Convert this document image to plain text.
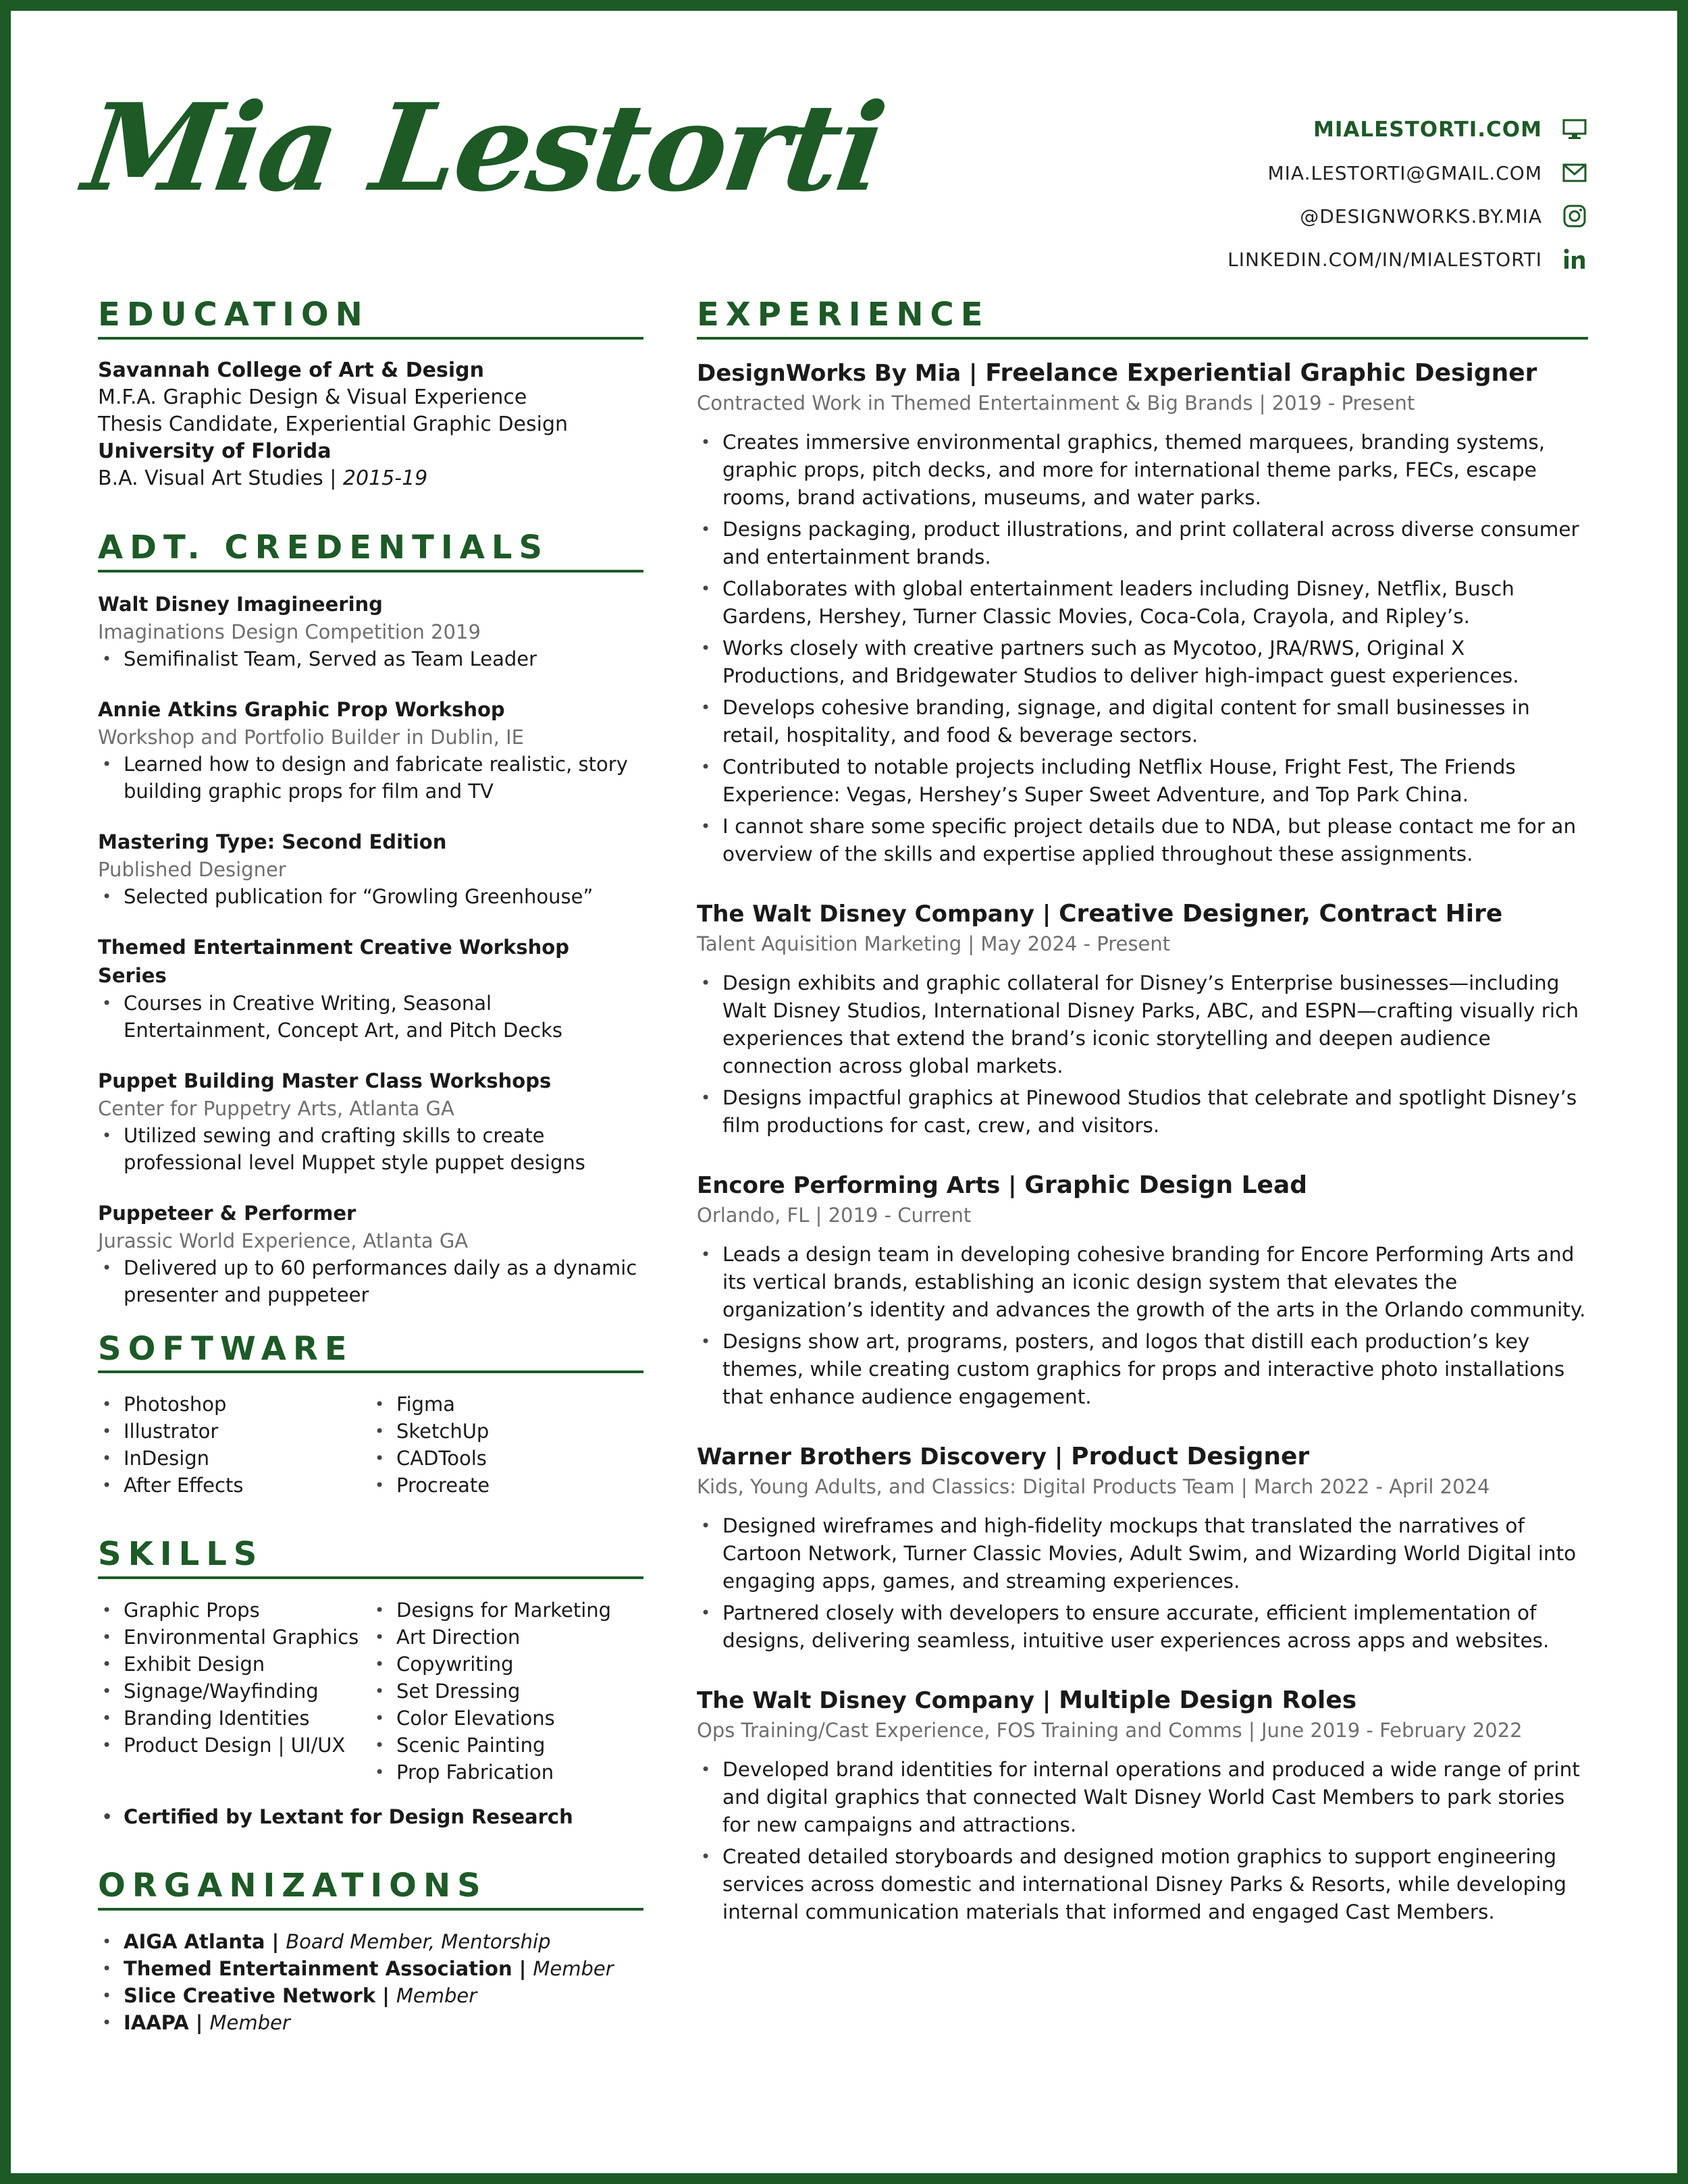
Mia Lestorti	MIALESTORTI.COM
MIA.LESTORTI@GMAIL.COM
@DESIGNWORKS.BY.MIA
LINKEDIN.COM/IN/MIALESTORTI
EDUCATION
Savannah College of Art & Design
M.F.A. Graphic Design & Visual Experience
Thesis Candidate, Experiential Graphic Design
University of Florida
B.A. Visual Art Studies | 2015-19
ADT. CREDENTIALS
Walt Disney Imagineering
Imaginations Design Competition 2019
• Semifinalist Team, Served as Team Leader
Annie Atkins Graphic Prop Workshop
Workshop and Portfolio Builder in Dublin, IE
• Learned how to design and fabricate realistic, story building graphic props for film and TV
Mastering Type: Second Edition
Published Designer
• Selected publication for “Growling Greenhouse”
Themed Entertainment Creative Workshop Series
• Courses in Creative Writing, Seasonal Entertainment, Concept Art, and Pitch Decks
Puppet Building Master Class Workshops
Center for Puppetry Arts, Atlanta GA
• Utilized sewing and crafting skills to create professional level Muppet style puppet designs
Puppeteer & Performer
Jurassic World Experience, Atlanta GA
• Delivered up to 60 performances daily as a dynamic presenter and puppeteer
SOFTWARE
• Photoshop
• Illustrator
• InDesign
• After Effects
• Figma
• SketchUp
• CADTools
• Procreate
SKILLS
• Graphic Props
• Environmental Graphics
• Exhibit Design
• Signage/Wayfinding
• Branding Identities
• Product Design | UI/UX
• Designs for Marketing
• Art Direction
• Copywriting
• Set Dressing
• Color Elevations
• Scenic Painting
• Prop Fabrication
• Certified by Lextant for Design Research
ORGANIZATIONS
• AIGA Atlanta | Board Member, Mentorship
• Themed Entertainment Association | Member
• Slice Creative Network | Member
• IAAPA | Member
EXPERIENCE
DesignWorks By Mia | Freelance Experiential Graphic Designer
Contracted Work in Themed Entertainment & Big Brands | 2019 - Present
• Creates immersive environmental graphics, themed marquees, branding systems, graphic props, pitch decks, and more for international theme parks, FECs, escape rooms, brand activations, museums, and water parks.
• Designs packaging, product illustrations, and print collateral across diverse consumer and entertainment brands.
• Collaborates with global entertainment leaders including Disney, Netflix, Busch Gardens, Hershey, Turner Classic Movies, Coca-Cola, Crayola, and Ripley’s.
• Works closely with creative partners such as Mycotoo, JRA/RWS, Original X Productions, and Bridgewater Studios to deliver high-impact guest experiences.
• Develops cohesive branding, signage, and digital content for small businesses in retail, hospitality, and food & beverage sectors.
• Contributed to notable projects including Netflix House, Fright Fest, The Friends Experience: Vegas, Hershey’s Super Sweet Adventure, and Top Park China.
• I cannot share some specific project details due to NDA, but please contact me for an overview of the skills and expertise applied throughout these assignments.
The Walt Disney Company | Creative Designer, Contract Hire
Talent Aquisition Marketing | May 2024 - Present
• Design exhibits and graphic collateral for Disney’s Enterprise businesses—including Walt Disney Studios, International Disney Parks, ABC, and ESPN—crafting visually rich experiences that extend the brand’s iconic storytelling and deepen audience connection across global markets.
• Designs impactful graphics at Pinewood Studios that celebrate and spotlight Disney’s film productions for cast, crew, and visitors.
Encore Performing Arts | Graphic Design Lead
Orlando, FL | 2019 - Current
• Leads a design team in developing cohesive branding for Encore Performing Arts and its vertical brands, establishing an iconic design system that elevates the organization’s identity and advances the growth of the arts in the Orlando community.
• Designs show art, programs, posters, and logos that distill each production’s key themes, while creating custom graphics for props and interactive photo installations that enhance audience engagement.
Warner Brothers Discovery | Product Designer
Kids, Young Adults, and Classics: Digital Products Team | March 2022 - April 2024
• Designed wireframes and high-fidelity mockups that translated the narratives of Cartoon Network, Turner Classic Movies, Adult Swim, and Wizarding World Digital into engaging apps, games, and streaming experiences.
• Partnered closely with developers to ensure accurate, efficient implementation of designs, delivering seamless, intuitive user experiences across apps and websites.
The Walt Disney Company | Multiple Design Roles
Ops Training/Cast Experience, FOS Training and Comms | June 2019 - February 2022
• Developed brand identities for internal operations and produced a wide range of print and digital graphics that connected Walt Disney World Cast Members to park stories for new campaigns and attractions.
• Created detailed storyboards and designed motion graphics to support engineering services across domestic and international Disney Parks & Resorts, while developing internal communication materials that informed and engaged Cast Members.
